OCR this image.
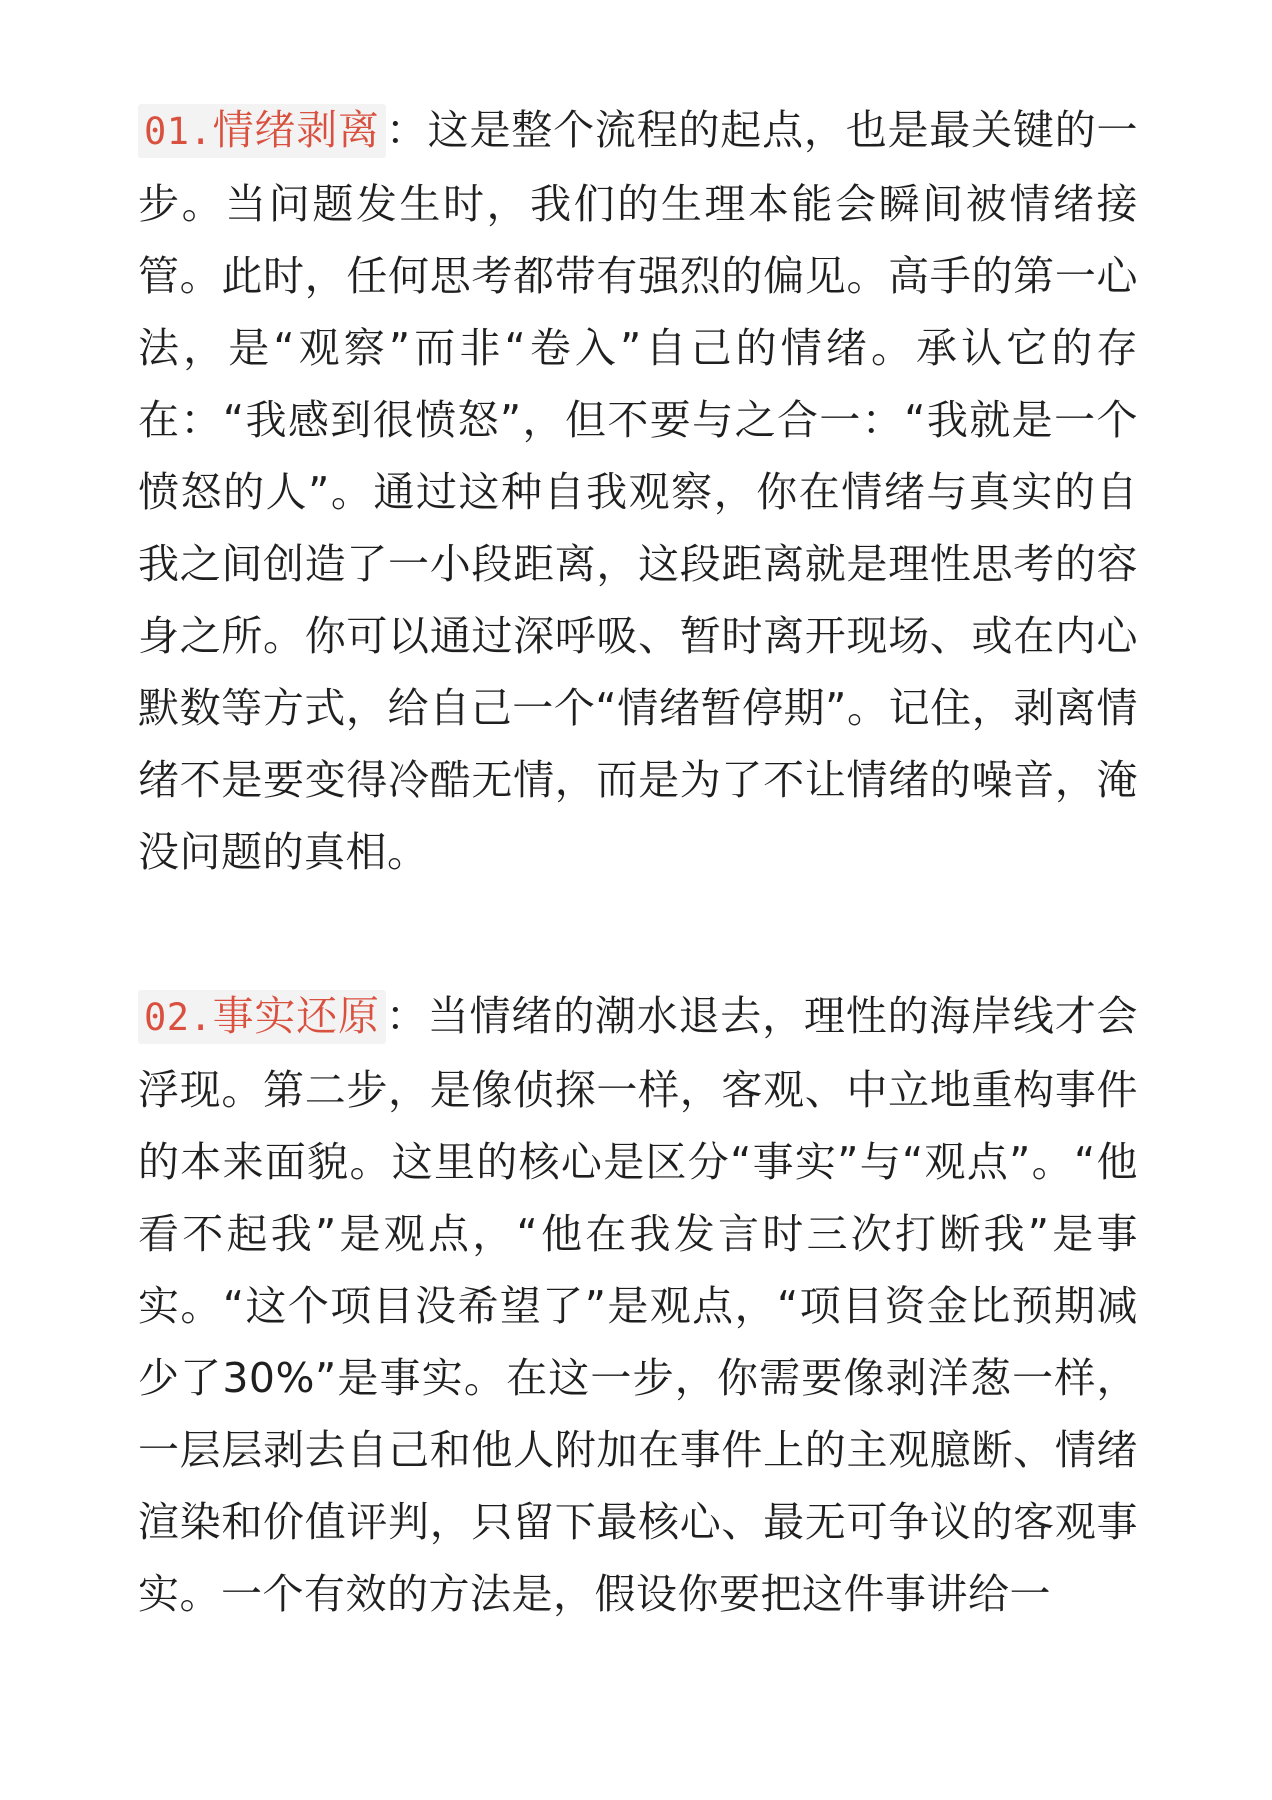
01.情绪剥离 ：这是整个流程的起点，也是最关键的一步。当问题发生时，我们的生理本能会瞬间被情绪接管。此时，任何思考都带有强烈的偏见。高手的第一心法，是“观察”而非“卷入”自己的情绪。承认它的存在：“我感到很愤怒”，但不要与之合一：“我就是一个愤怒的人”。通过这种自我观察，你在情绪与真实的自我之间创造了一小段距离，这段距离就是理性思考的容身之所。你可以通过深呼吸、暂时离开现场、或在内心默数等方式，给自己一个“情绪暂停期”。记住，剥离情绪不是要变得冷酷无情，而是为了不让情绪的噪音，淹没问题的真相。

02.事实还原 ：当情绪的潮水退去，理性的海岸线才会浮现。第二步，是像侦探一样，客观、中立地重构事件的本来面貌。这里的核心是区分“事实”与“观点”。“他看不起我”是观点，“他在我发言时三次打断我”是事实。“这个项目没希望了”是观点，“项目资金比预期减少了30%”是事实。在这一步，你需要像剥洋葱一样，一层层剥去自己和他人附加在事件上的主观臆断、情绪渲染和价值评判，只留下最核心、最无可争议的客观事实。一个有效的方法是，假设你要把这件事讲给一
